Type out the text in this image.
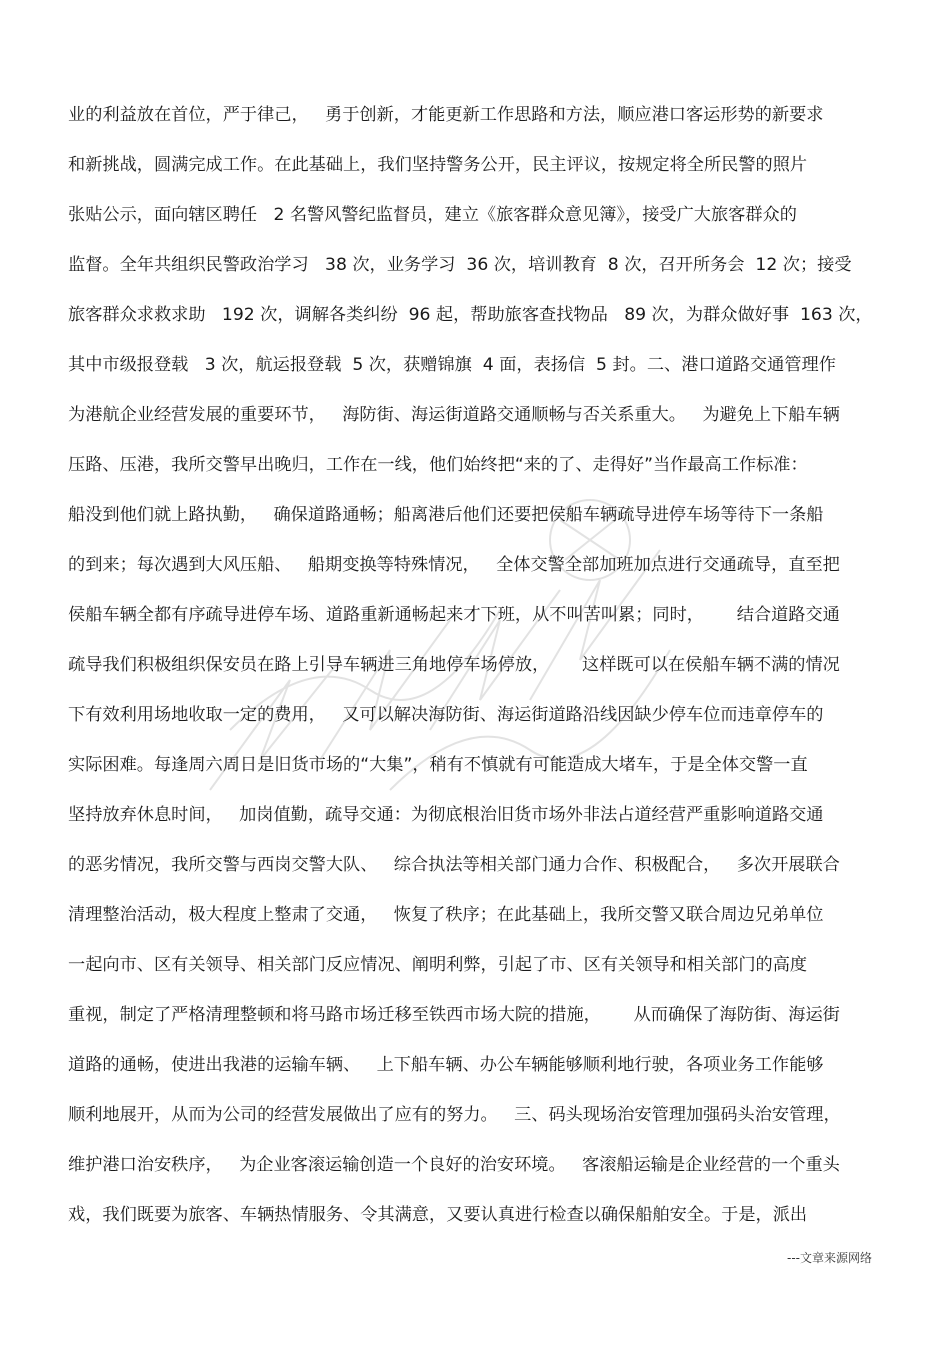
业的利益放在首位，严于律己，   勇于创新，才能更新工作思路和方法，顺应港口客运形势的新要求
和新挑战，圆满完成工作。在此基础上，我们坚持警务公开，民主评议，按规定将全所民警的照片
张贴公示，面向辖区聘任   2 名警风警纪监督员，建立《旅客群众意见簿》，接受广大旅客群众的
监督。全年共组织民警政治学习   38 次，业务学习  36 次，培训教育  8 次，召开所务会  12 次；接受
旅客群众求救求助   192 次，调解各类纠纷  96 起，帮助旅客查找物品   89 次，为群众做好事  163 次，
其中市级报登载   3 次，航运报登载  5 次，获赠锦旗  4 面，表扬信  5 封。二、港口道路交通管理作
为港航企业经营发展的重要环节，   海防街、海运街道路交通顺畅与否关系重大。   为避免上下船车辆
压路、压港，我所交警早出晚归，工作在一线，他们始终把“来的了、走得好”当作最高工作标准：
船没到他们就上路执勤，   确保道路通畅；船离港后他们还要把侯船车辆疏导进停车场等待下一条船
的到来；每次遇到大风压船、   船期变换等特殊情况，   全体交警全部加班加点进行交通疏导，直至把
侯船车辆全都有序疏导进停车场、道路重新通畅起来才下班，从不叫苦叫累；同时，      结合道路交通
疏导我们积极组织保安员在路上引导车辆进三角地停车场停放，      这样既可以在侯船车辆不满的情况
下有效利用场地收取一定的费用，   又可以解决海防街、海运街道路沿线因缺少停车位而违章停车的
实际困难。每逢周六周日是旧货市场的“大集”，稍有不慎就有可能造成大堵车，于是全体交警一直
坚持放弃休息时间，   加岗值勤，疏导交通：为彻底根治旧货市场外非法占道经营严重影响道路交通
的恶劣情况，我所交警与西岗交警大队、   综合执法等相关部门通力合作、积极配合，   多次开展联合
清理整治活动，极大程度上整肃了交通，   恢复了秩序；在此基础上，我所交警又联合周边兄弟单位
一起向市、区有关领导、相关部门反应情况、阐明利弊，引起了市、区有关领导和相关部门的高度
重视，制定了严格清理整顿和将马路市场迁移至铁西市场大院的措施，      从而确保了海防街、海运街
道路的通畅，使进出我港的运输车辆、   上下船车辆、办公车辆能够顺利地行驶，各项业务工作能够
顺利地展开，从而为公司的经营发展做出了应有的努力。   三、码头现场治安管理加强码头治安管理，
维护港口治安秩序，   为企业客滚运输创造一个良好的治安环境。   客滚船运输是企业经营的一个重头
戏，我们既要为旅客、车辆热情服务、令其满意，又要认真进行检查以确保船舶安全。于是，派出
---文章来源网络
